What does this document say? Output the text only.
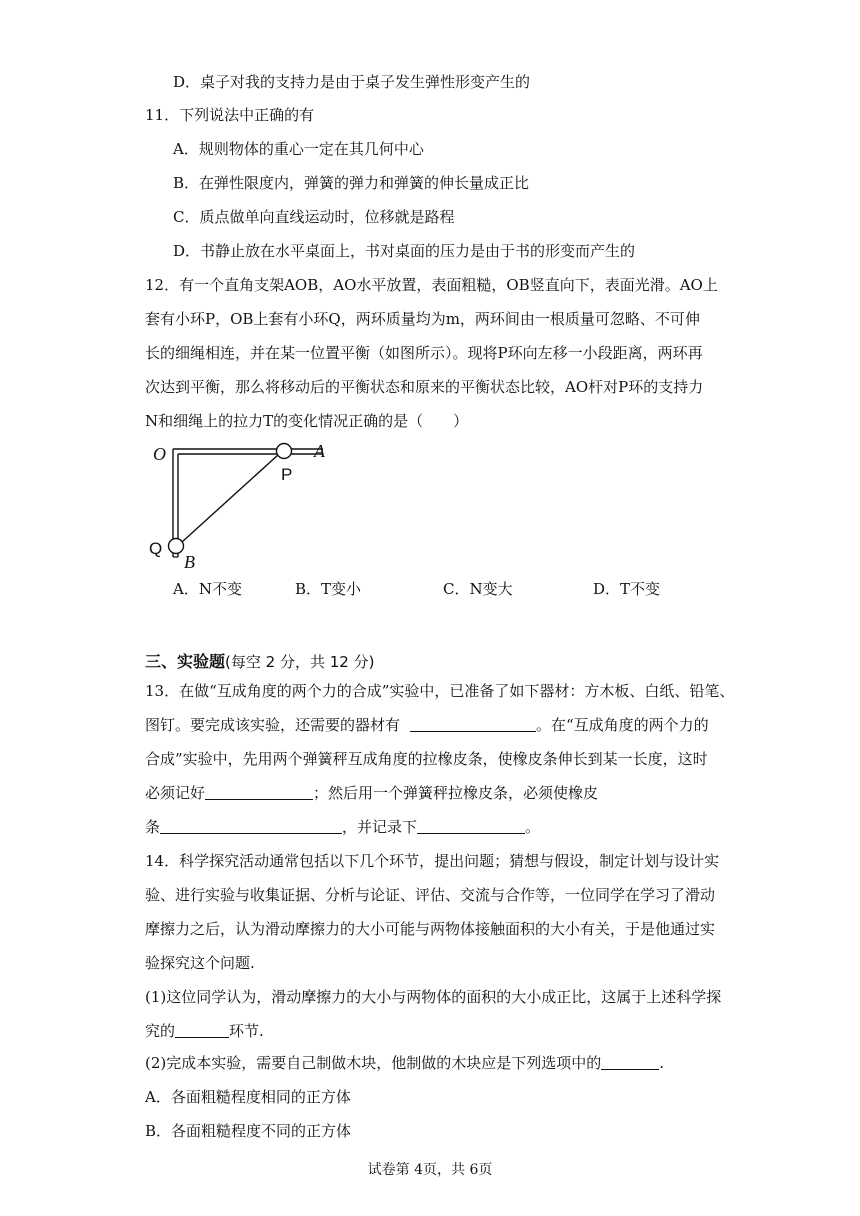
D．桌子对我的支持力是由于桌子发生弹性形变产生的
11．下列说法中正确的有
A．规则物体的重心一定在其几何中心
B．在弹性限度内，弹簧的弹力和弹簧的伸长量成正比
C．质点做单向直线运动时，位移就是路程
D．书静止放在水平桌面上，书对桌面的压力是由于书的形变而产生的
12．有一个直角支架AOB，AO水平放置，表面粗糙，OB竖直向下，表面光滑。AO上
套有小环P，OB上套有小环Q，两环质量均为m，两环间由一根质量可忽略、不可伸
长的细绳相连，并在某一位置平衡（如图所示）。现将P环向左移一小段距离，两环再
次达到平衡，那么将移动后的平衡状态和原来的平衡状态比较，AO杆对P环的支持力
N和细绳上的拉力T的变化情况正确的是（　　）
O	A
P
Q
B
A．N不变	B．T变小	C．N变大	D．T不变
三、实验题(每空 2 分，共 12 分)
13．在做“互成角度的两个力的合成”实验中，已准备了如下器材：方木板、白纸、铅笔、
图钉。要完成该实验，还需要的器材有	。在“互成角度的两个力的
合成”实验中，先用两个弹簧秤互成角度的拉橡皮条，使橡皮条伸长到某一长度，这时
必须记好	；然后用一个弹簧秤拉橡皮条，必须使橡皮
条	，并记录下	。
14．科学探究活动通常包括以下几个环节，提出问题；猜想与假设，制定计划与设计实
验、进行实验与收集证据、分析与论证、评估、交流与合作等，一位同学在学习了滑动
摩擦力之后，认为滑动摩擦力的大小可能与两物体接触面积的大小有关，于是他通过实
验探究这个问题.
(1)这位同学认为，滑动摩擦力的大小与两物体的面积的大小成正比，这属于上述科学探
究的	环节.
(2)完成本实验，需要自己制做木块，他制做的木块应是下列选项中的	.
A．各面粗糙程度相同的正方体
B．各面粗糙程度不同的正方体
试卷第 4页，共 6页
